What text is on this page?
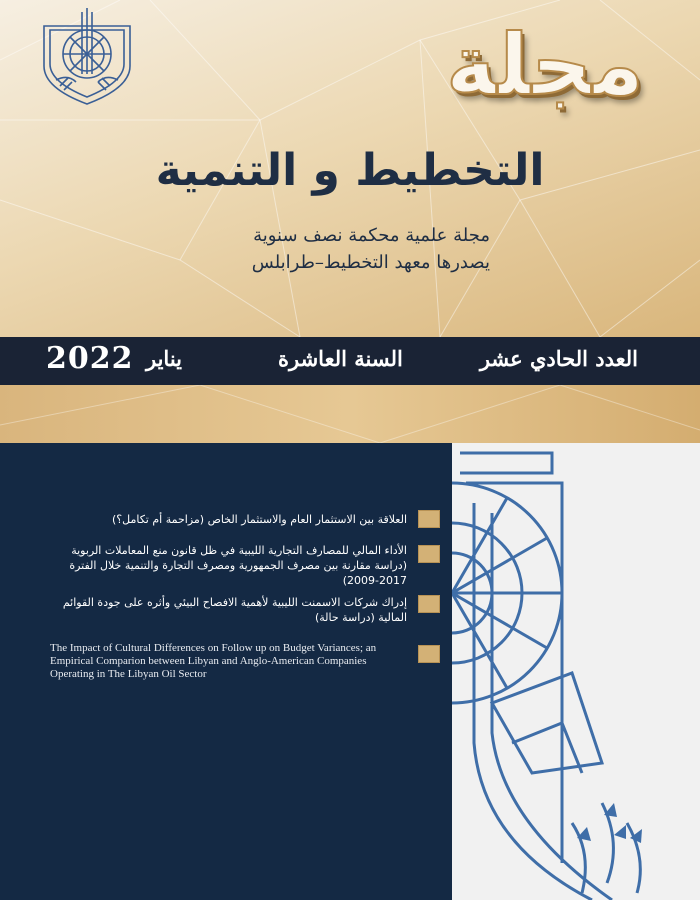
مجلة
التخطيط و التنمية
مجلة علمية محكمة نصف سنوية
يصدرها معهد التخطيط–طرابلس
العدد الحادي عشر
السنة العاشرة
يناير
2022
العلاقة بين الاستثمار العام والاستثمار الخاص (مزاحمة أم تكامل؟)
الأداء المالي للمصارف التجارية الليبية في ظل قانون منع المعاملات الربوية (دراسة مقارنة بين مصرف الجمهورية ومصرف التجارة والتنمية خلال الفترة 2017-2009)
إدراك شركات الاسمنت الليبية لأهمية الافصاح البيئي وأثره على جودة القوائم المالية (دراسة حالة)
The Impact of Cultural Differences on Follow up on Budget Variances; an Empirical Comparion between Libyan and Anglo-American Companies Operating in The Libyan Oil Sector
